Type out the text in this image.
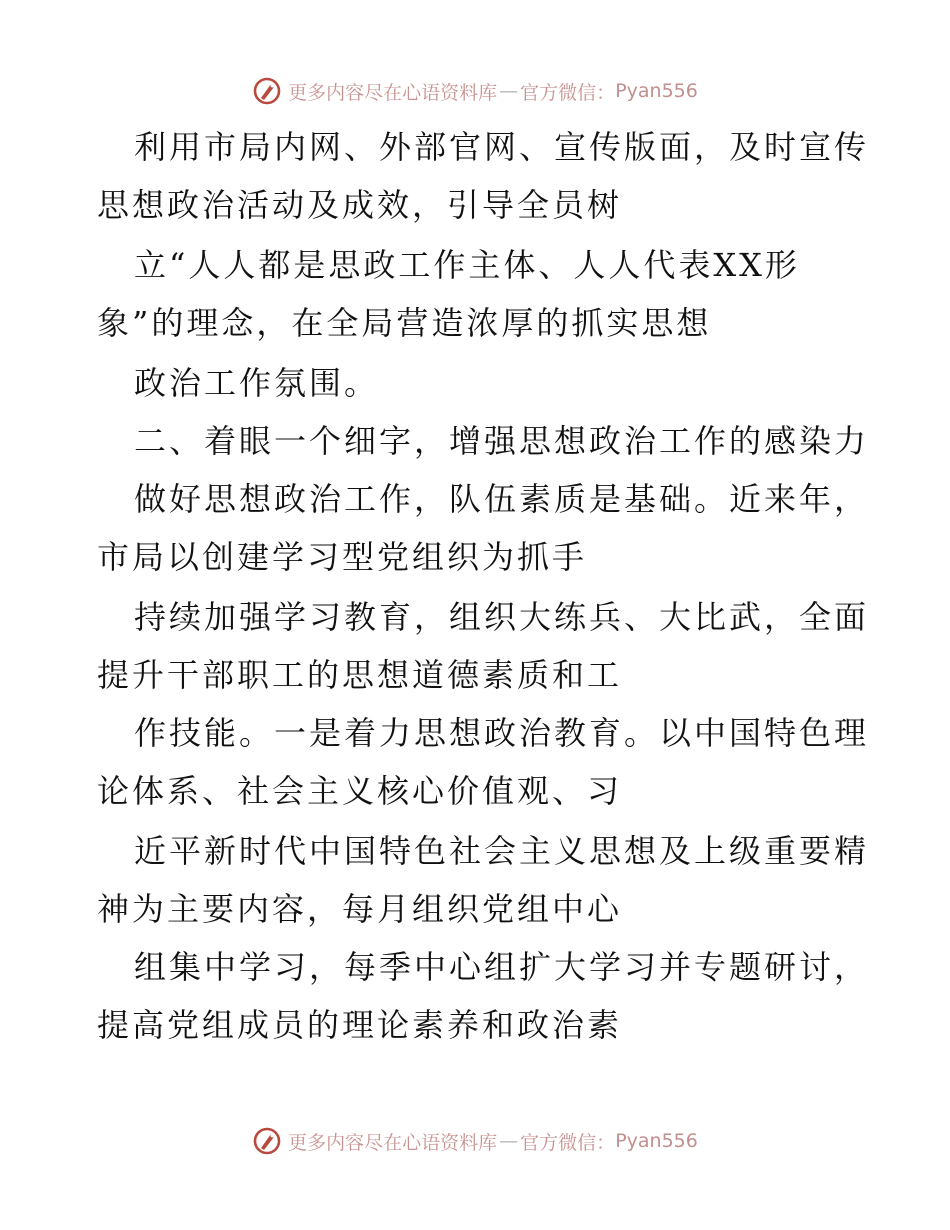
更多内容尽在心语资料库 — 官方微信： Pyan556
利用市局内网、外部官网、宣传版面，及时宣传
思想政治活动及成效，引导全员树
立“人人都是思政工作主体、人人代表XX形
象”的理念，在全局营造浓厚的抓实思想
政治工作氛围。
二、着眼一个细字，增强思想政治工作的感染力
做好思想政治工作，队伍素质是基础。近来年，
市局以创建学习型党组织为抓手
持续加强学习教育，组织大练兵、大比武，全面
提升干部职工的思想道德素质和工
作技能。一是着力思想政治教育。以中国特色理
论体系、社会主义核心价值观、习
近平新时代中国特色社会主义思想及上级重要精
神为主要内容，每月组织党组中心
组集中学习，每季中心组扩大学习并专题研讨，
提高党组成员的理论素养和政治素
更多内容尽在心语资料库 — 官方微信： Pyan556
